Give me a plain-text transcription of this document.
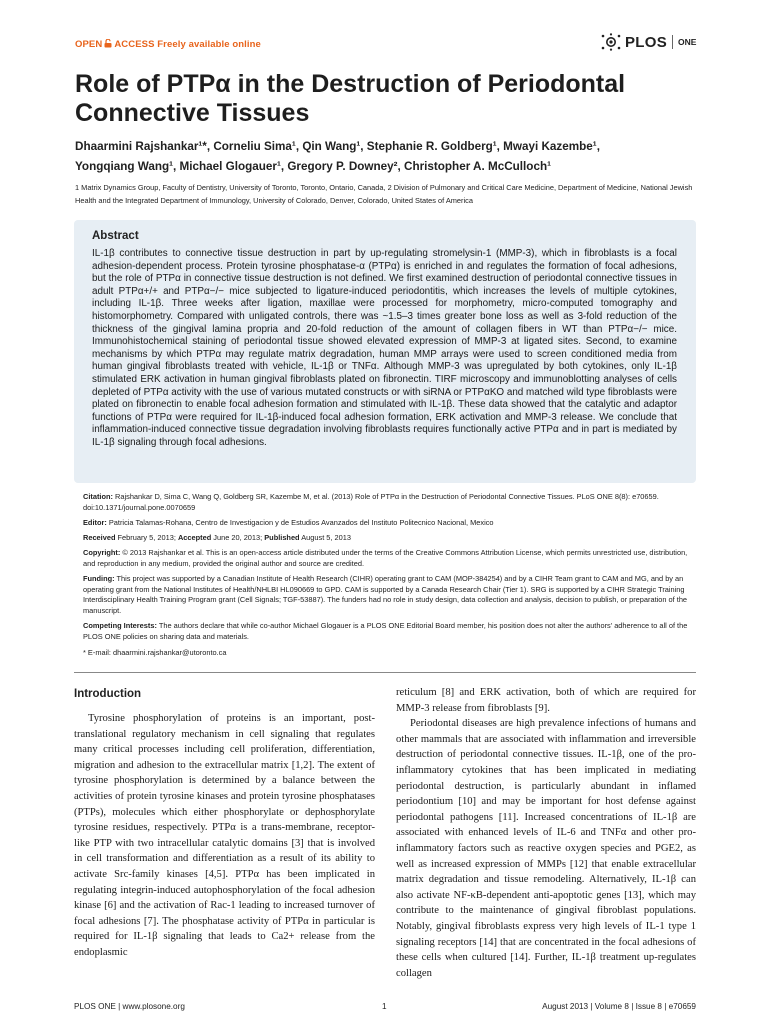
OPEN ACCESS Freely available online	PLOS ONE
Role of PTPα in the Destruction of Periodontal Connective Tissues
Dhaarmini Rajshankar¹*, Corneliu Sima¹, Qin Wang¹, Stephanie R. Goldberg¹, Mwayi Kazembe¹,
Yongqiang Wang¹, Michael Glogauer¹, Gregory P. Downey², Christopher A. McCulloch¹
1 Matrix Dynamics Group, Faculty of Dentistry, University of Toronto, Toronto, Ontario, Canada, 2 Division of Pulmonary and Critical Care Medicine, Department of Medicine, National Jewish Health and the Integrated Department of Immunology, University of Colorado, Denver, Colorado, United States of America
Abstract
IL-1β contributes to connective tissue destruction in part by up-regulating stromelysin-1 (MMP-3), which in fibroblasts is a focal adhesion-dependent process. Protein tyrosine phosphatase-α (PTPα) is enriched in and regulates the formation of focal adhesions, but the role of PTPα in connective tissue destruction is not defined. We first examined destruction of periodontal connective tissues in adult PTPα+/+ and PTPα−/− mice subjected to ligature-induced periodontitis, which increases the levels of multiple cytokines, including IL-1β. Three weeks after ligation, maxillae were processed for morphometry, micro-computed tomography and histomorphometry. Compared with unligated controls, there was ~1.5–3 times greater bone loss as well as 3-fold reduction of the thickness of the gingival lamina propria and 20-fold reduction of the amount of collagen fibers in WT than PTPα−/− mice. Immunohistochemical staining of periodontal tissue showed elevated expression of MMP-3 at ligated sites. Second, to examine mechanisms by which PTPα may regulate matrix degradation, human MMP arrays were used to screen conditioned media from human gingival fibroblasts treated with vehicle, IL-1β or TNFα. Although MMP-3 was upregulated by both cytokines, only IL-1β stimulated ERK activation in human gingival fibroblasts plated on fibronectin. TIRF microscopy and immunoblotting analyses of cells depleted of PTPα activity with the use of various mutated constructs or with siRNA or PTPαKO and matched wild type fibroblasts were plated on fibronectin to enable focal adhesion formation and stimulated with IL-1β. These data showed that the catalytic and adaptor functions of PTPα were required for IL-1β-induced focal adhesion formation, ERK activation and MMP-3 release. We conclude that inflammation-induced connective tissue degradation involving fibroblasts requires functionally active PTPα and in part is mediated by IL-1β signaling through focal adhesions.
Citation: Rajshankar D, Sima C, Wang Q, Goldberg SR, Kazembe M, et al. (2013) Role of PTPα in the Destruction of Periodontal Connective Tissues. PLoS ONE 8(8): e70659. doi:10.1371/journal.pone.0070659
Editor: Patricia Talamas-Rohana, Centro de Investigacion y de Estudios Avanzados del Instituto Politecnico Nacional, Mexico
Received February 5, 2013; Accepted June 20, 2013; Published August 5, 2013
Copyright: © 2013 Rajshankar et al. This is an open-access article distributed under the terms of the Creative Commons Attribution License, which permits unrestricted use, distribution, and reproduction in any medium, provided the original author and source are credited.
Funding: This project was supported by a Canadian Institute of Health Research (CIHR) operating grant to CAM (MOP-384254) and by a CIHR Team grant to CAM and MG, and by an operating grant from the National Institutes of Health/NHLBI HL090669 to GPD. CAM is supported by a Canada Research Chair (Tier 1). SRG is supported by a CIHR Strategic Training Interdisciplinary Health Training Program grant (Cell Signals; TGF-53887). The funders had no role in study design, data collection and analysis, decision to publish, or preparation of the manuscript.
Competing Interests: The authors declare that while co-author Michael Glogauer is a PLOS ONE Editorial Board member, his position does not alter the authors' adherence to all of the PLOS ONE policies on sharing data and materials.
* E-mail: dhaarmini.rajshankar@utoronto.ca
Introduction

Tyrosine phosphorylation of proteins is an important, post-translational regulatory mechanism in cell signaling that regulates many critical processes including cell proliferation, differentiation, migration and adhesion to the extracellular matrix [1,2]. The extent of tyrosine phosphorylation is determined by a balance between the activities of protein tyrosine kinases and protein tyrosine phosphatases (PTPs), molecules which either phosphorylate or dephosphorylate tyrosine residues, respectively. PTPα is a trans-membrane, receptor-like PTP with two intracellular catalytic domains [3] that is involved in cell transformation and differentiation as a result of its ability to activate Src-family kinases [4,5]. PTPα has been implicated in regulating integrin-induced autophosphorylation of the focal adhesion kinase [6] and the activation of Rac-1 leading to increased turnover of focal adhesions [7]. The phosphatase activity of PTPα in particular is required for IL-1β signaling that leads to Ca2+ release from the endoplasmic

reticulum [8] and ERK activation, both of which are required for MMP-3 release from fibroblasts [9].

Periodontal diseases are high prevalence infections of humans and other mammals that are associated with inflammation and irreversible destruction of periodontal connective tissues. IL-1β, one of the pro-inflammatory cytokines that has been implicated in mediating periodontal destruction, is particularly abundant in inflamed periodontium [10] and may be important for host defense against periodontal pathogens [11]. Increased concentrations of IL-1β are associated with enhanced levels of IL-6 and TNFα and other pro-inflammatory factors such as reactive oxygen species and PGE2, as well as increased expression of MMPs [12] that enable extracellular matrix degradation and tissue remodeling. Alternatively, IL-1β can also activate NF-κB-dependent anti-apoptotic genes [13], which may contribute to the maintenance of gingival fibroblast populations. Notably, gingival fibroblasts express very high levels of IL-1 type 1 signaling receptors [14] that are concentrated in the focal adhesions of these cells when cultured [14]. Further, IL-1β treatment up-regulates collagen

PLOS ONE | www.plosone.org	1	August 2013 | Volume 8 | Issue 8 | e70659
